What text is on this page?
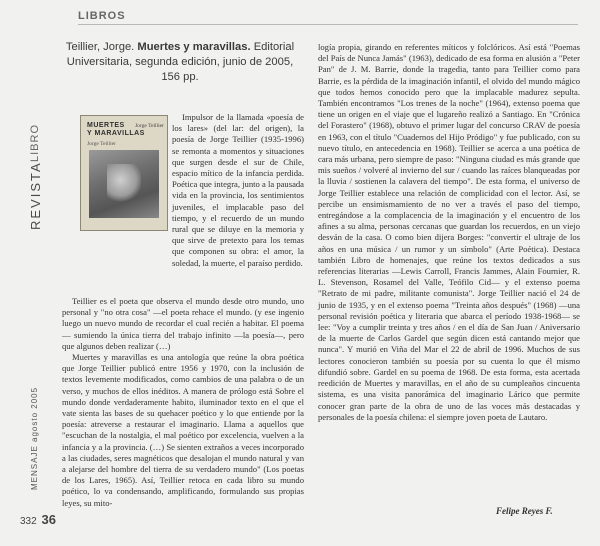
LIBROS
MENSAJE agosto 2005
REVISTA
LIBRO
332 36
Teillier, Jorge. Muertes y maravillas. Editorial Universitaria, segunda edición, junio de 2005, 156 pp.
MUERTES
Y MARAVILLAS
Jorge Teillier
Jorge Teillier

Impulsor de la llamada «poesía de los lares» (del lar: del origen), la poesía de Jorge Teillier (1935-1996) se remonta a momentos y situaciones que surgen desde el sur de Chile, espacio mítico de la infancia perdida. Poética que integra, junto a la pausada vida en la provincia, los sentimientos juveniles, el implacable paso del tiempo, y el recuerdo de un mundo rural que se diluye en la memoria y que sirve de pretexto para los temas que componen su obra: el amor, la soledad, la muerte, el paraíso perdido.

Teillier es el poeta que observa el mundo desde otro mundo, uno personal y "no otra cosa" —el poeta rehace el mundo. (y ese ingenio luego un nuevo mundo de recordar el cual recién a habitar. El poema— sumiendo la única tierra del trabajo infinito —la poesía—, pero que algunos deben realizar (…)

Muertes y maravillas es una antología que reúne la obra poética que Jorge Teillier publicó entre 1956 y 1970, con la inclusión de textos levemente modificados, como cambios de una palabra o de un verso, y muchos de ellos inéditos. A manera de prólogo está Sobre el mundo donde verdaderamente habito, iluminador texto en el que el vate sienta las bases de su quehacer poético y lo que entiende por la poesía: atreverse a restaurar el imaginario. Llama a aquellos que "escuchan de la nostalgia, el mal poético por excelencia, vuelven a la infancia y a la provincia. (…) Se sienten extraños a veces incorporado a las ciudades, seres magnéticos que desalojan el mundo natural y van a alejarse del hombre del tierra de su verdadero mundo" (Los poetas de los Lares, 1965). Así, Teillier retoca en cada libro su mundo poético, lo va condensando, amplificando, formulando sus propias leyes, su mito-

logía propia, girando en referentes míticos y folclóricos. Así está "Poemas del País de Nunca Jamás" (1963), dedicado de esa forma en alusión a "Peter Pan" de J. M. Barrie, donde la tragedia, tanto para Teillier como para Barrie, es la pérdida de la imaginación infantil, el olvido del mundo mágico que todos hemos conocido pero que la implacable madurez sepulta. También encontramos "Los trenes de la noche" (1964), extenso poema que tiene un origen en el viaje que el lugareño realizó a Santiago. En "Crónica del Forastero" (1968), obtuvo el primer lugar del concurso CRAV de poesía en 1963, con el título "Cuadernos del Hijo Pródigo" y fue publicado, con su nuevo título, en antecedencia en 1968). Teillier se acerca a una poética de cara más urbana, pero siempre de paso: "Ninguna ciudad es más grande que mis sueños / volveré al invierno del sur / cuando las raíces blanqueadas por la lluvia / sostienen la calavera del tiempo". De esta forma, el universo de Jorge Teillier establece una relación de complicidad con el lector. Así, se percibe un ensimismamiento de no ver a través el paso del tiempo, entregándose a la complacencia de la imaginación y el encuentro de los afines a su alma, personas cercanas que guardan los recuerdos, en un viejo desván de la casa. O como bien dijera Borges: "convertir el ultraje de los años en una música / un rumor y un símbolo" (Arte Poética). Destaca también Libro de homenajes, que reúne los textos dedicados a sus referencias literarias —Lewis Carroll, Francis Jammes, Alain Fournier, R. L. Stevenson, Rosamel del Valle, Teófilo Cid— y el extenso poema "Retrato de mi padre, militante comunista". Jorge Teillier nació el 24 de junio de 1935, y en el extenso poema "Treinta años después" (1968) —una personal revisión poética y literaria que abarca el período 1938-1968— se lee: "Voy a cumplir treinta y tres años / en el día de San Juan / Aniversario de la muerte de Carlos Gardel que según dicen está cantando mejor que nunca". Y murió en Viña del Mar el 22 de abril de 1996. Muchos de sus lectores conocieron también su poesía por su cuenta lo que él mismo difundió sobre. Gardel en su poema de 1968. De esta forma, esta acertada reedición de Muertes y maravillas, en el año de su cumpleaños cincuenta sistema, es una visita panorámica del imaginario Lárico que permite conocer gran parte de la obra de uno de las voces más destacadas y personales de la poesía chilena: el siempre joven poeta de Lautaro.

Felipe Reyes F.
